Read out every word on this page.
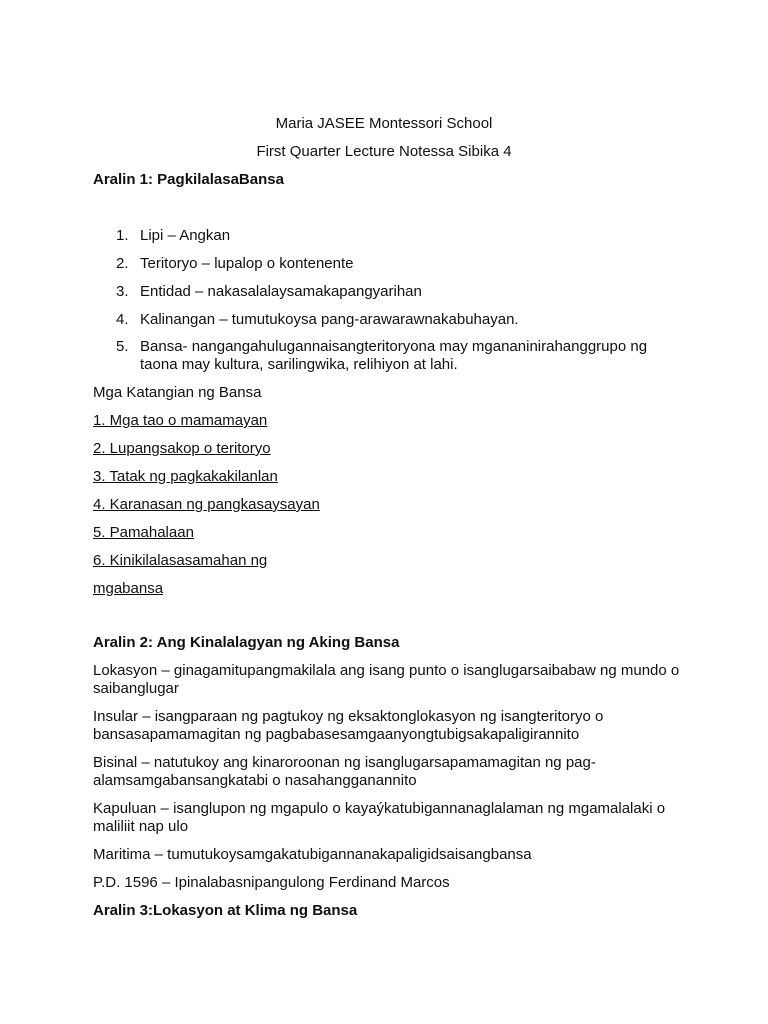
Maria JASEE Montessori School
First Quarter Lecture Notessa Sibika 4
Aralin 1: PagkilalasaBansa
1. Lipi – Angkan
2. Teritoryo – lupalop o kontenente
3. Entidad – nakasalalaysamakapangyarihan
4. Kalinangan – tumutukoysa pang-arawarawnakabuhayan.
5. Bansa- nangangahulugannaisangteritoryona may mgananinirahanggrupo ng taona may kultura, sarilingwika, relihiyon at lahi.
Mga Katangian ng Bansa
1. Mga tao o mamamayan
2. Lupangsakop o teritoryo
3. Tatak ng pagkakakilanlan
4. Karanasan ng pangkasaysayan
5. Pamahalaan
6. Kinikilalasasamahan ng
mgabansa
Aralin 2: Ang Kinalalagyan ng Aking Bansa
Lokasyon – ginagamitupangmakilala ang isang punto o isanglugarsaibabaw ng mundo o saibanglugar
Insular – isangparaan ng pagtukoy ng eksaktonglokasyon ng isangteritoryo o bansasapamamagitan ng pagbabasesamgaanyongtubigsakapaligirannito
Bisinal – natutukoy ang kinaroroonan ng isanglugarsapamamagitan ng pag-alamsamgabansangkatabi o nasahangganannito
Kapuluan – isanglupon ng mgapulo o kayaýkatubigannanaglalaman ng mgamalalaki o maliliit nap ulo
Maritima – tumutukoysamgakatubigannanakapaligidsaisangbansa
P.D. 1596 – Ipinalabasnipangulong Ferdinand Marcos
Aralin 3:Lokasyon at Klima ng Bansa
